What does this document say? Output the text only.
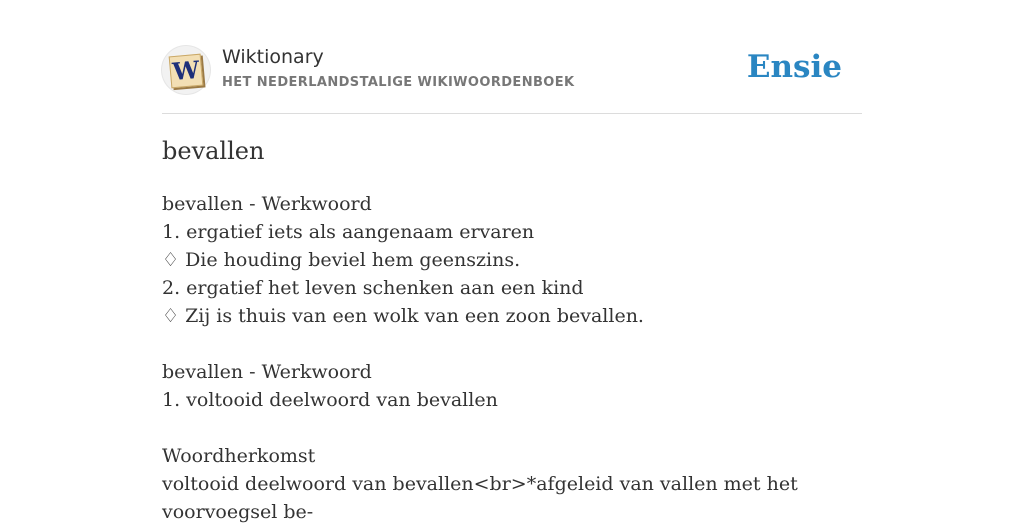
W Wiktionary
HET NEDERLANDSTALIGE WIKIWOORDENBOEK	Ensie
bevallen
bevallen - Werkwoord
1. ergatief iets als aangenaam ervaren
♢ Die houding beviel hem geenszins.
2. ergatief het leven schenken aan een kind
♢ Zij is thuis van een wolk van een zoon bevallen.
bevallen - Werkwoord
1. voltooid deelwoord van bevallen
Woordherkomst
voltooid deelwoord van bevallen<br>*afgeleid van vallen met het voorvoegsel be-
